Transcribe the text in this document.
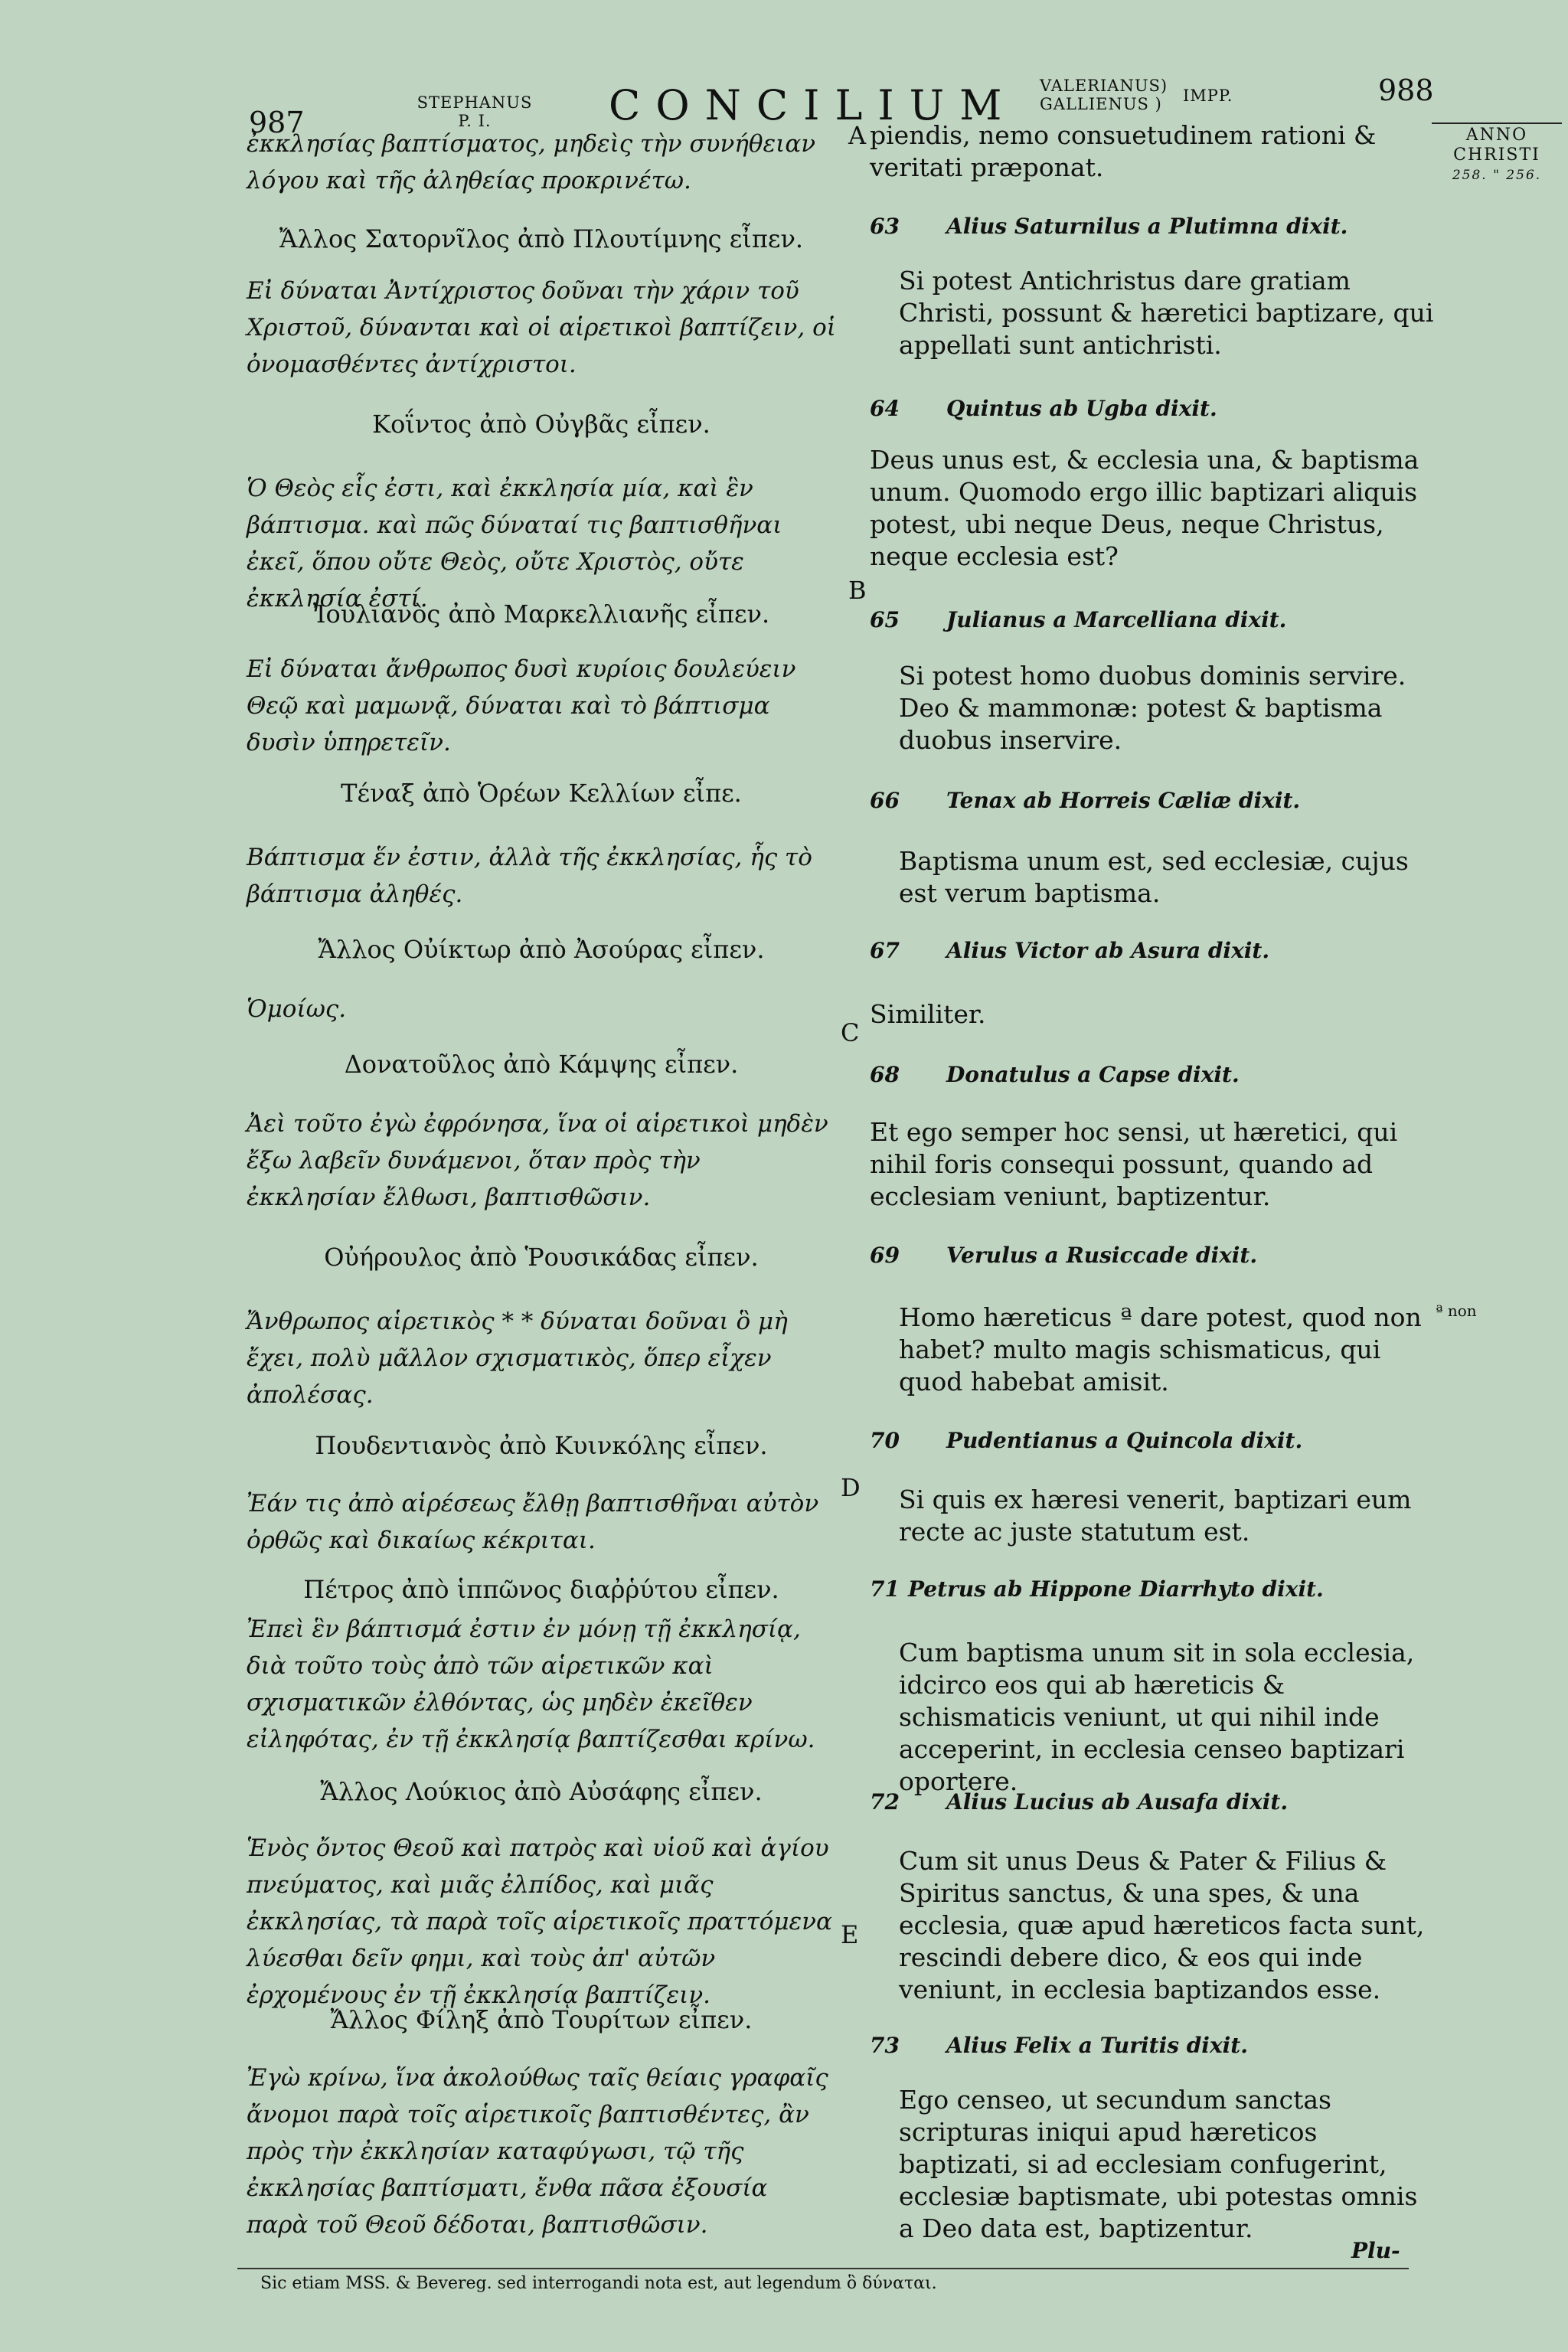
987
STEPHANUS
P. I.	CONCILIUM VALERIANUS)
GALLIENUS )	IMPP.	988
ANNO
CHRISTI
258. " 256.
A
B
C
D
E
ª non
ἐκκλησίας βαπτίσματος, μηδεὶς τὴν συνήθειαν λόγου καὶ τῆς ἀληθείας προκρινέτω.
Ἄλλος Σατορνῖλος ἀπὸ Πλουτίμνης εἶπεν.
Εἰ δύναται Ἀντίχριστος δοῦναι τὴν χάριν τοῦ Χριστοῦ, δύνανται καὶ οἱ αἱρετικοὶ βαπτίζειν, οἱ ὀνομασθέντες ἀντίχριστοι.
Κοΐντος ἀπὸ Οὐγβᾶς εἶπεν.
Ὁ Θεὸς εἷς ἐστι, καὶ ἐκκλησία μία, καὶ ἓν βάπτισμα. καὶ πῶς δύναταί τις βαπτισθῆναι ἐκεῖ, ὅπου οὔτε Θεὸς, οὔτε Χριστὸς, οὔτε ἐκκλησία ἐστί.
Ἰουλιανὸς ἀπὸ Μαρκελλιανῆς εἶπεν.
Εἰ δύναται ἄνθρωπος δυσὶ κυρίοις δουλεύειν Θεῷ καὶ μαμωνᾷ, δύναται καὶ τὸ βάπτισμα δυσὶν ὑπηρετεῖν.
Τέναξ ἀπὸ Ὁρέων Κελλίων εἶπε.
Βάπτισμα ἕν ἐστιν, ἀλλὰ τῆς ἐκκλησίας, ἧς τὸ βάπτισμα ἀληθές.
Ἄλλος Οὐίκτωρ ἀπὸ Ἀσούρας εἶπεν.
Ὁμοίως.
Δονατοῦλος ἀπὸ Κάμψης εἶπεν.
Ἀεὶ τοῦτο ἐγὼ ἐφρόνησα, ἵνα οἱ αἱρετικοὶ μηδὲν ἔξω λαβεῖν δυνάμενοι, ὅταν πρὸς τὴν ἐκκλησίαν ἔλθωσι, βαπτισθῶσιν.
Οὐήρουλος ἀπὸ Ῥουσικάδας εἶπεν.
Ἄνθρωπος αἱρετικὸς * * δύναται δοῦναι ὃ μὴ ἔχει, πολὺ μᾶλλον σχισματικὸς, ὅπερ εἶχεν ἀπολέσας.
Πουδεντιανὸς ἀπὸ Κυινκόλης εἶπεν.
Ἐάν τις ἀπὸ αἱρέσεως ἔλθῃ βαπτισθῆναι αὐτὸν ὀρθῶς καὶ δικαίως κέκριται.
Πέτρος ἀπὸ ἱππῶνος διαῤῥύτου εἶπεν.
Ἐπεὶ ἓν βάπτισμά ἐστιν ἐν μόνῃ τῇ ἐκκλησίᾳ, διὰ τοῦτο τοὺς ἀπὸ τῶν αἱρετικῶν καὶ σχισματικῶν ἐλθόντας, ὡς μηδὲν ἐκεῖθεν εἰληφότας, ἐν τῇ ἐκκλησίᾳ βαπτίζεσθαι κρίνω.
Ἄλλος Λούκιος ἀπὸ Αὐσάφης εἶπεν.
Ἑνὸς ὄντος Θεοῦ καὶ πατρὸς καὶ υἱοῦ καὶ ἁγίου πνεύματος, καὶ μιᾶς ἐλπίδος, καὶ μιᾶς ἐκκλησίας, τὰ παρὰ τοῖς αἱρετικοῖς πραττόμενα λύεσθαι δεῖν φημι, καὶ τοὺς ἀπ' αὐτῶν ἐρχομένους ἐν τῇ ἐκκλησίᾳ βαπτίζειν.
Ἄλλος Φίληξ ἀπὸ Τουρίτων εἶπεν.
Ἐγὼ κρίνω, ἵνα ἀκολούθως ταῖς θείαις γραφαῖς ἄνομοι παρὰ τοῖς αἱρετικοῖς βαπτισθέντες, ἂν πρὸς τὴν ἐκκλησίαν καταφύγωσι, τῷ τῆς ἐκκλησίας βαπτίσματι, ἔνθα πᾶσα ἐξουσία παρὰ τοῦ Θεοῦ δέδοται, βαπτισθῶσιν.
piendis, nemo consuetudinem rationi & veritati præponat.
63 Alius Saturnilus a Plutimna dixit.
Si potest Antichristus dare gratiam Christi, possunt & hæretici baptizare, qui appellati sunt antichristi.
64 Quintus ab Ugba dixit.
Deus unus est, & ecclesia una, & baptisma unum. Quomodo ergo illic baptizari aliquis potest, ubi neque Deus, neque Christus, neque ecclesia est?
65 Julianus a Marcelliana dixit.
Si potest homo duobus dominis servire. Deo & mammonæ: potest & baptisma duobus inservire.
66 Tenax ab Horreis Cæliæ dixit.
Baptisma unum est, sed ecclesiæ, cujus est verum baptisma.
67 Alius Victor ab Asura dixit.
Similiter.
68 Donatulus a Capse dixit.
Et ego semper hoc sensi, ut hæretici, qui nihil foris consequi possunt, quando ad ecclesiam veniunt, baptizentur.
69 Verulus a Rusiccade dixit.
Homo hæreticus ª dare potest, quod non habet? multo magis schismaticus, qui quod habebat amisit.
70 Pudentianus a Quincola dixit.
Si quis ex hæresi venerit, baptizari eum recte ac juste statutum est.
71 Petrus ab Hippone Diarrhyto dixit.
Cum baptisma unum sit in sola ecclesia, idcirco eos qui ab hæreticis & schismaticis veniunt, ut qui nihil inde acceperint, in ecclesia censeo baptizari oportere.
72 Alius Lucius ab Ausafa dixit.
Cum sit unus Deus & Pater & Filius & Spiritus sanctus, & una spes, & una ecclesia, quæ apud hæreticos facta sunt, rescindi debere dico, & eos qui inde veniunt, in ecclesia baptizandos esse.
73 Alius Felix a Turitis dixit.
Ego censeo, ut secundum sanctas scripturas iniqui apud hæreticos baptizati, si ad ecclesiam confugerint, ecclesiæ baptismate, ubi potestas omnis a Deo data est, baptizentur.
Plu-
Sic etiam MSS. & Bevereg. sed interrogandi nota est, aut legendum ὃ δύναται.
